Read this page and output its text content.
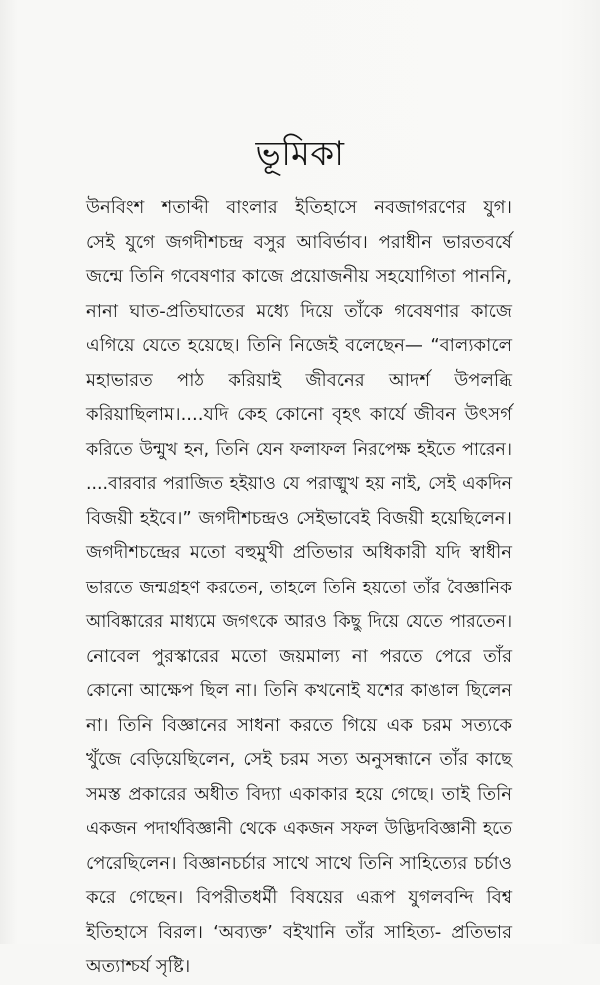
ভূমিকা
উনবিংশ শতাব্দী বাংলার ইতিহাসে নবজাগরণের যুগ।
সেই যুগে জগদীশচন্দ্র বসুর আবির্ভাব। পরাধীন ভারতবর্ষে
জন্মে তিনি গবেষণার কাজে প্রয়োজনীয় সহযোগিতা পাননি,
নানা ঘাত-প্রতিঘাতের মধ্যে দিয়ে তাঁকে গবেষণার কাজে
এগিয়ে যেতে হয়েছে। তিনি নিজেই বলেছেন— “বাল্যকালে
মহাভারত পাঠ করিয়াই জীবনের আদর্শ উপলব্ধি
করিয়াছিলাম।....যদি কেহ কোনো বৃহৎ কার্যে জীবন উৎসর্গ
করিতে উন্মুখ হন, তিনি যেন ফলাফল নিরপেক্ষ হইতে পারেন।
....বারবার পরাজিত হইয়াও যে পরাঙ্মুখ হয় নাই, সেই একদিন
বিজয়ী হইবে।” জগদীশচন্দ্রও সেইভাবেই বিজয়ী হয়েছিলেন।
জগদীশচন্দ্রের মতো বহুমুখী প্রতিভার অধিকারী যদি স্বাধীন
ভারতে জন্মগ্রহণ করতেন, তাহলে তিনি হয়তো তাঁর বৈজ্ঞানিক
আবিষ্কারের মাধ্যমে জগৎকে আরও কিছু দিয়ে যেতে পারতেন।
নোবেল পুরস্কারের মতো জয়মাল্য না পরতে পেরে তাঁর
কোনো আক্ষেপ ছিল না। তিনি কখনোই যশের কাঙাল ছিলেন
না। তিনি বিজ্ঞানের সাধনা করতে গিয়ে এক চরম সত্যকে
খুঁজে বেড়িয়েছিলেন, সেই চরম সত্য অনুসন্ধানে তাঁর কাছে
সমস্ত প্রকারের অধীত বিদ্যা একাকার হয়ে গেছে। তাই তিনি
একজন পদার্থবিজ্ঞানী থেকে একজন সফল উদ্ভিদবিজ্ঞানী হতে
পেরেছিলেন। বিজ্ঞানচর্চার সাথে সাথে তিনি সাহিত্যের চর্চাও
করে গেছেন। বিপরীতধর্মী বিষয়ের এরূপ যুগলবন্দি বিশ্ব
ইতিহাসে বিরল। ‘অব্যক্ত’ বইখানি তাঁর সাহিত্য- প্রতিভার
অত্যাশ্চর্য সৃষ্টি।
